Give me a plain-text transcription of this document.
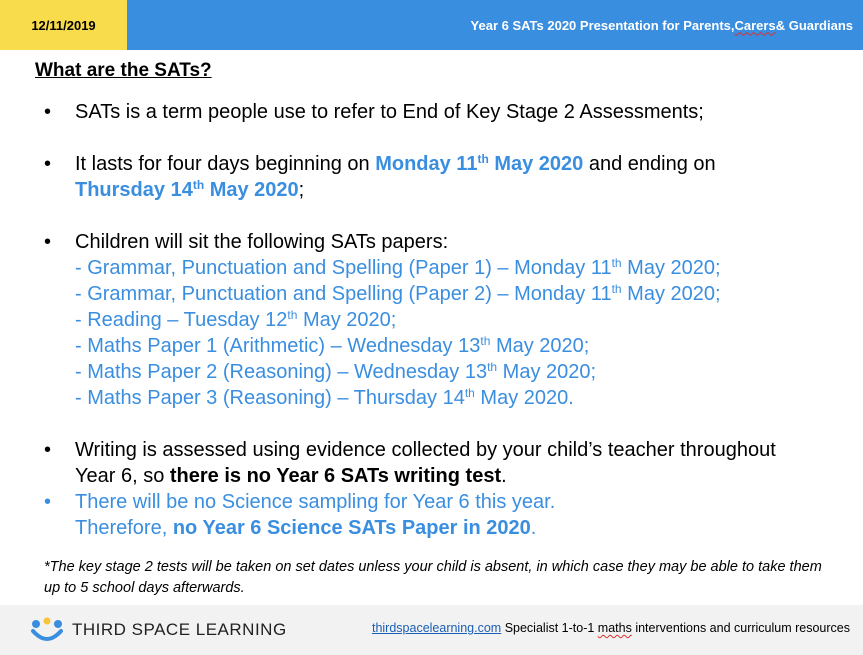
12/11/2019	Year 6 SATs 2020 Presentation for Parents, Carers & Guardians
What are the SATs?
•	SATs is a term people use to refer to End of Key Stage 2 Assessments;
•	It lasts for four days beginning on Monday 11th May 2020 and ending on
Thursday 14th May 2020;
•	Children will sit the following SATs papers:
- Grammar, Punctuation and Spelling (Paper 1) – Monday 11th May 2020;
- Grammar, Punctuation and Spelling (Paper 2) – Monday 11th May 2020;
- Reading – Tuesday 12th May 2020;
- Maths Paper 1 (Arithmetic) – Wednesday 13th May 2020;
- Maths Paper 2 (Reasoning) – Wednesday 13th May 2020;
- Maths Paper 3 (Reasoning) – Thursday 14th May 2020.
•	Writing is assessed using evidence collected by your child’s teacher throughout
Year 6, so there is no Year 6 SATs writing test.
•	There will be no Science sampling for Year 6 this year.
Therefore, no Year 6 Science SATs Paper in 2020.
*The key stage 2 tests will be taken on set dates unless your child is absent, in which case they may be able to take them up to 5 school days afterwards.
THIRD SPACE LEARNING	thirdspacelearning.com Specialist 1-to-1 maths interventions and curriculum resources
